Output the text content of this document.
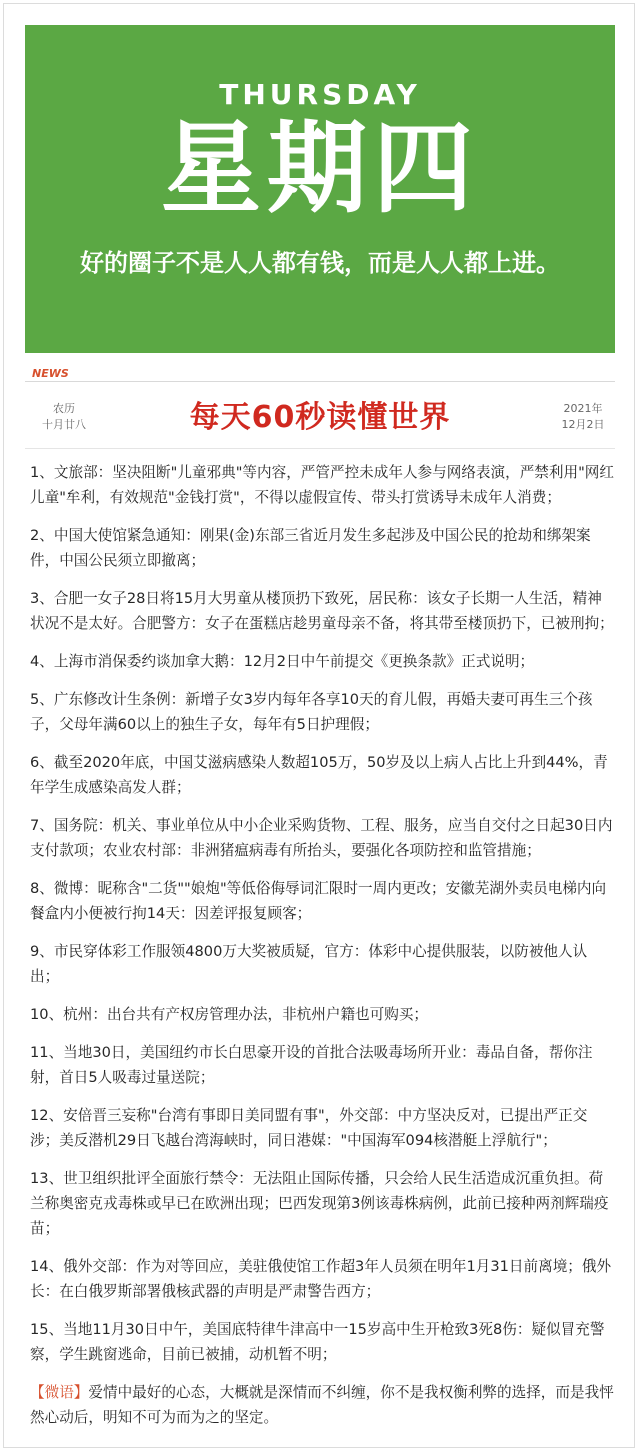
THURSDAY
星期四
好的圈子不是人人都有钱，而是人人都上进。
NEWS
农历
十月廿八	每天60秒读懂世界	2021年
12月2日

1、文旅部：坚决阻断"儿童邪典"等内容，严管严控未成年人参与网络表演，严禁利用"网红儿童"牟利，有效规范"金钱打赏"，不得以虚假宣传、带头打赏诱导未成年人消费；

2、中国大使馆紧急通知：刚果(金)东部三省近月发生多起涉及中国公民的抢劫和绑架案件，中国公民须立即撤离；

3、合肥一女子28日将15月大男童从楼顶扔下致死，居民称：该女子长期一人生活，精神状况不是太好。合肥警方：女子在蛋糕店趁男童母亲不备，将其带至楼顶扔下，已被刑拘；

4、上海市消保委约谈加拿大鹅：12月2日中午前提交《更换条款》正式说明；

5、广东修改计生条例：新增子女3岁内每年各享10天的育儿假，再婚夫妻可再生三个孩子，父母年满60以上的独生子女，每年有5日护理假；

6、截至2020年底，中国艾滋病感染人数超105万，50岁及以上病人占比上升到44%，青年学生成感染高发人群；

7、国务院：机关、事业单位从中小企业采购货物、工程、服务，应当自交付之日起30日内支付款项；农业农村部：非洲猪瘟病毒有所抬头，要强化各项防控和监管措施；

8、微博：昵称含"二货""娘炮"等低俗侮辱词汇限时一周内更改；安徽芜湖外卖员电梯内向餐盒内小便被行拘14天：因差评报复顾客；

9、市民穿体彩工作服领4800万大奖被质疑，官方：体彩中心提供服装，以防被他人认出；

10、杭州：出台共有产权房管理办法，非杭州户籍也可购买；

11、当地30日，美国纽约市长白思豪开设的首批合法吸毒场所开业：毒品自备，帮你注射，首日5人吸毒过量送院；

12、安倍晋三妄称"台湾有事即日美同盟有事"，外交部：中方坚决反对，已提出严正交涉；美反潜机29日飞越台湾海峡时，同日港媒："中国海军094核潜艇上浮航行"；

13、世卫组织批评全面旅行禁令：无法阻止国际传播，只会给人民生活造成沉重负担。荷兰称奥密克戎毒株或早已在欧洲出现；巴西发现第3例该毒株病例，此前已接种两剂辉瑞疫苗；

14、俄外交部：作为对等回应，美驻俄使馆工作超3年人员须在明年1月31日前离境；俄外长：在白俄罗斯部署俄核武器的声明是严肃警告西方；

15、当地11月30日中午，美国底特律牛津高中一15岁高中生开枪致3死8伤：疑似冒充警察，学生跳窗逃命，目前已被捕，动机暂不明；

【微语】爱情中最好的心态，大概就是深情而不纠缠，你不是我权衡利弊的选择，而是我怦然心动后，明知不可为而为之的坚定。
